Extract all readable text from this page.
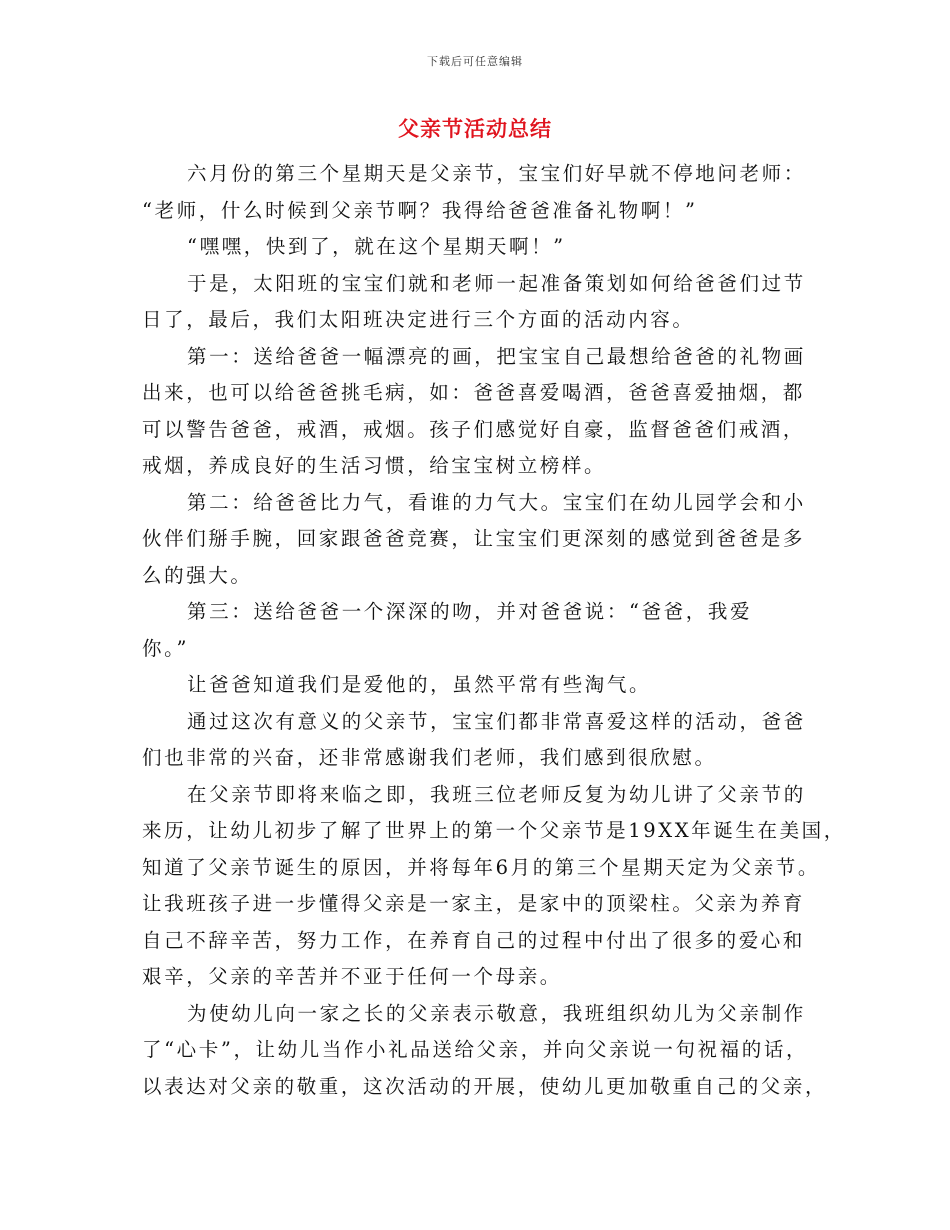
下载后可任意编辑
父亲节活动总结
六月份的第三个星期天是父亲节，宝宝们好早就不停地问老师：
“老师，什么时候到父亲节啊？我得给爸爸准备礼物啊！”
“嘿嘿，快到了，就在这个星期天啊！”
于是，太阳班的宝宝们就和老师一起准备策划如何给爸爸们过节
日了，最后，我们太阳班决定进行三个方面的活动内容。
第一：送给爸爸一幅漂亮的画，把宝宝自己最想给爸爸的礼物画
出来，也可以给爸爸挑毛病，如：爸爸喜爱喝酒，爸爸喜爱抽烟，都
可以警告爸爸，戒酒，戒烟。孩子们感觉好自豪，监督爸爸们戒酒，
戒烟，养成良好的生活习惯，给宝宝树立榜样。
第二：给爸爸比力气，看谁的力气大。宝宝们在幼儿园学会和小
伙伴们掰手腕，回家跟爸爸竞赛，让宝宝们更深刻的感觉到爸爸是多
么的强大。
第三：送给爸爸一个深深的吻，并对爸爸说：“爸爸，我爱
你。”
让爸爸知道我们是爱他的，虽然平常有些淘气。
通过这次有意义的父亲节，宝宝们都非常喜爱这样的活动，爸爸
们也非常的兴奋，还非常感谢我们老师，我们感到很欣慰。
在父亲节即将来临之即，我班三位老师反复为幼儿讲了父亲节的
来历，让幼儿初步了解了世界上的第一个父亲节是19XX年诞生在美国，
知道了父亲节诞生的原因，并将每年6月的第三个星期天定为父亲节。
让我班孩子进一步懂得父亲是一家主，是家中的顶梁柱。父亲为养育
自己不辞辛苦，努力工作，在养育自己的过程中付出了很多的爱心和
艰辛，父亲的辛苦并不亚于任何一个母亲。
为使幼儿向一家之长的父亲表示敬意，我班组织幼儿为父亲制作
了“心卡”，让幼儿当作小礼品送给父亲，并向父亲说一句祝福的话，
以表达对父亲的敬重，这次活动的开展，使幼儿更加敬重自己的父亲，
